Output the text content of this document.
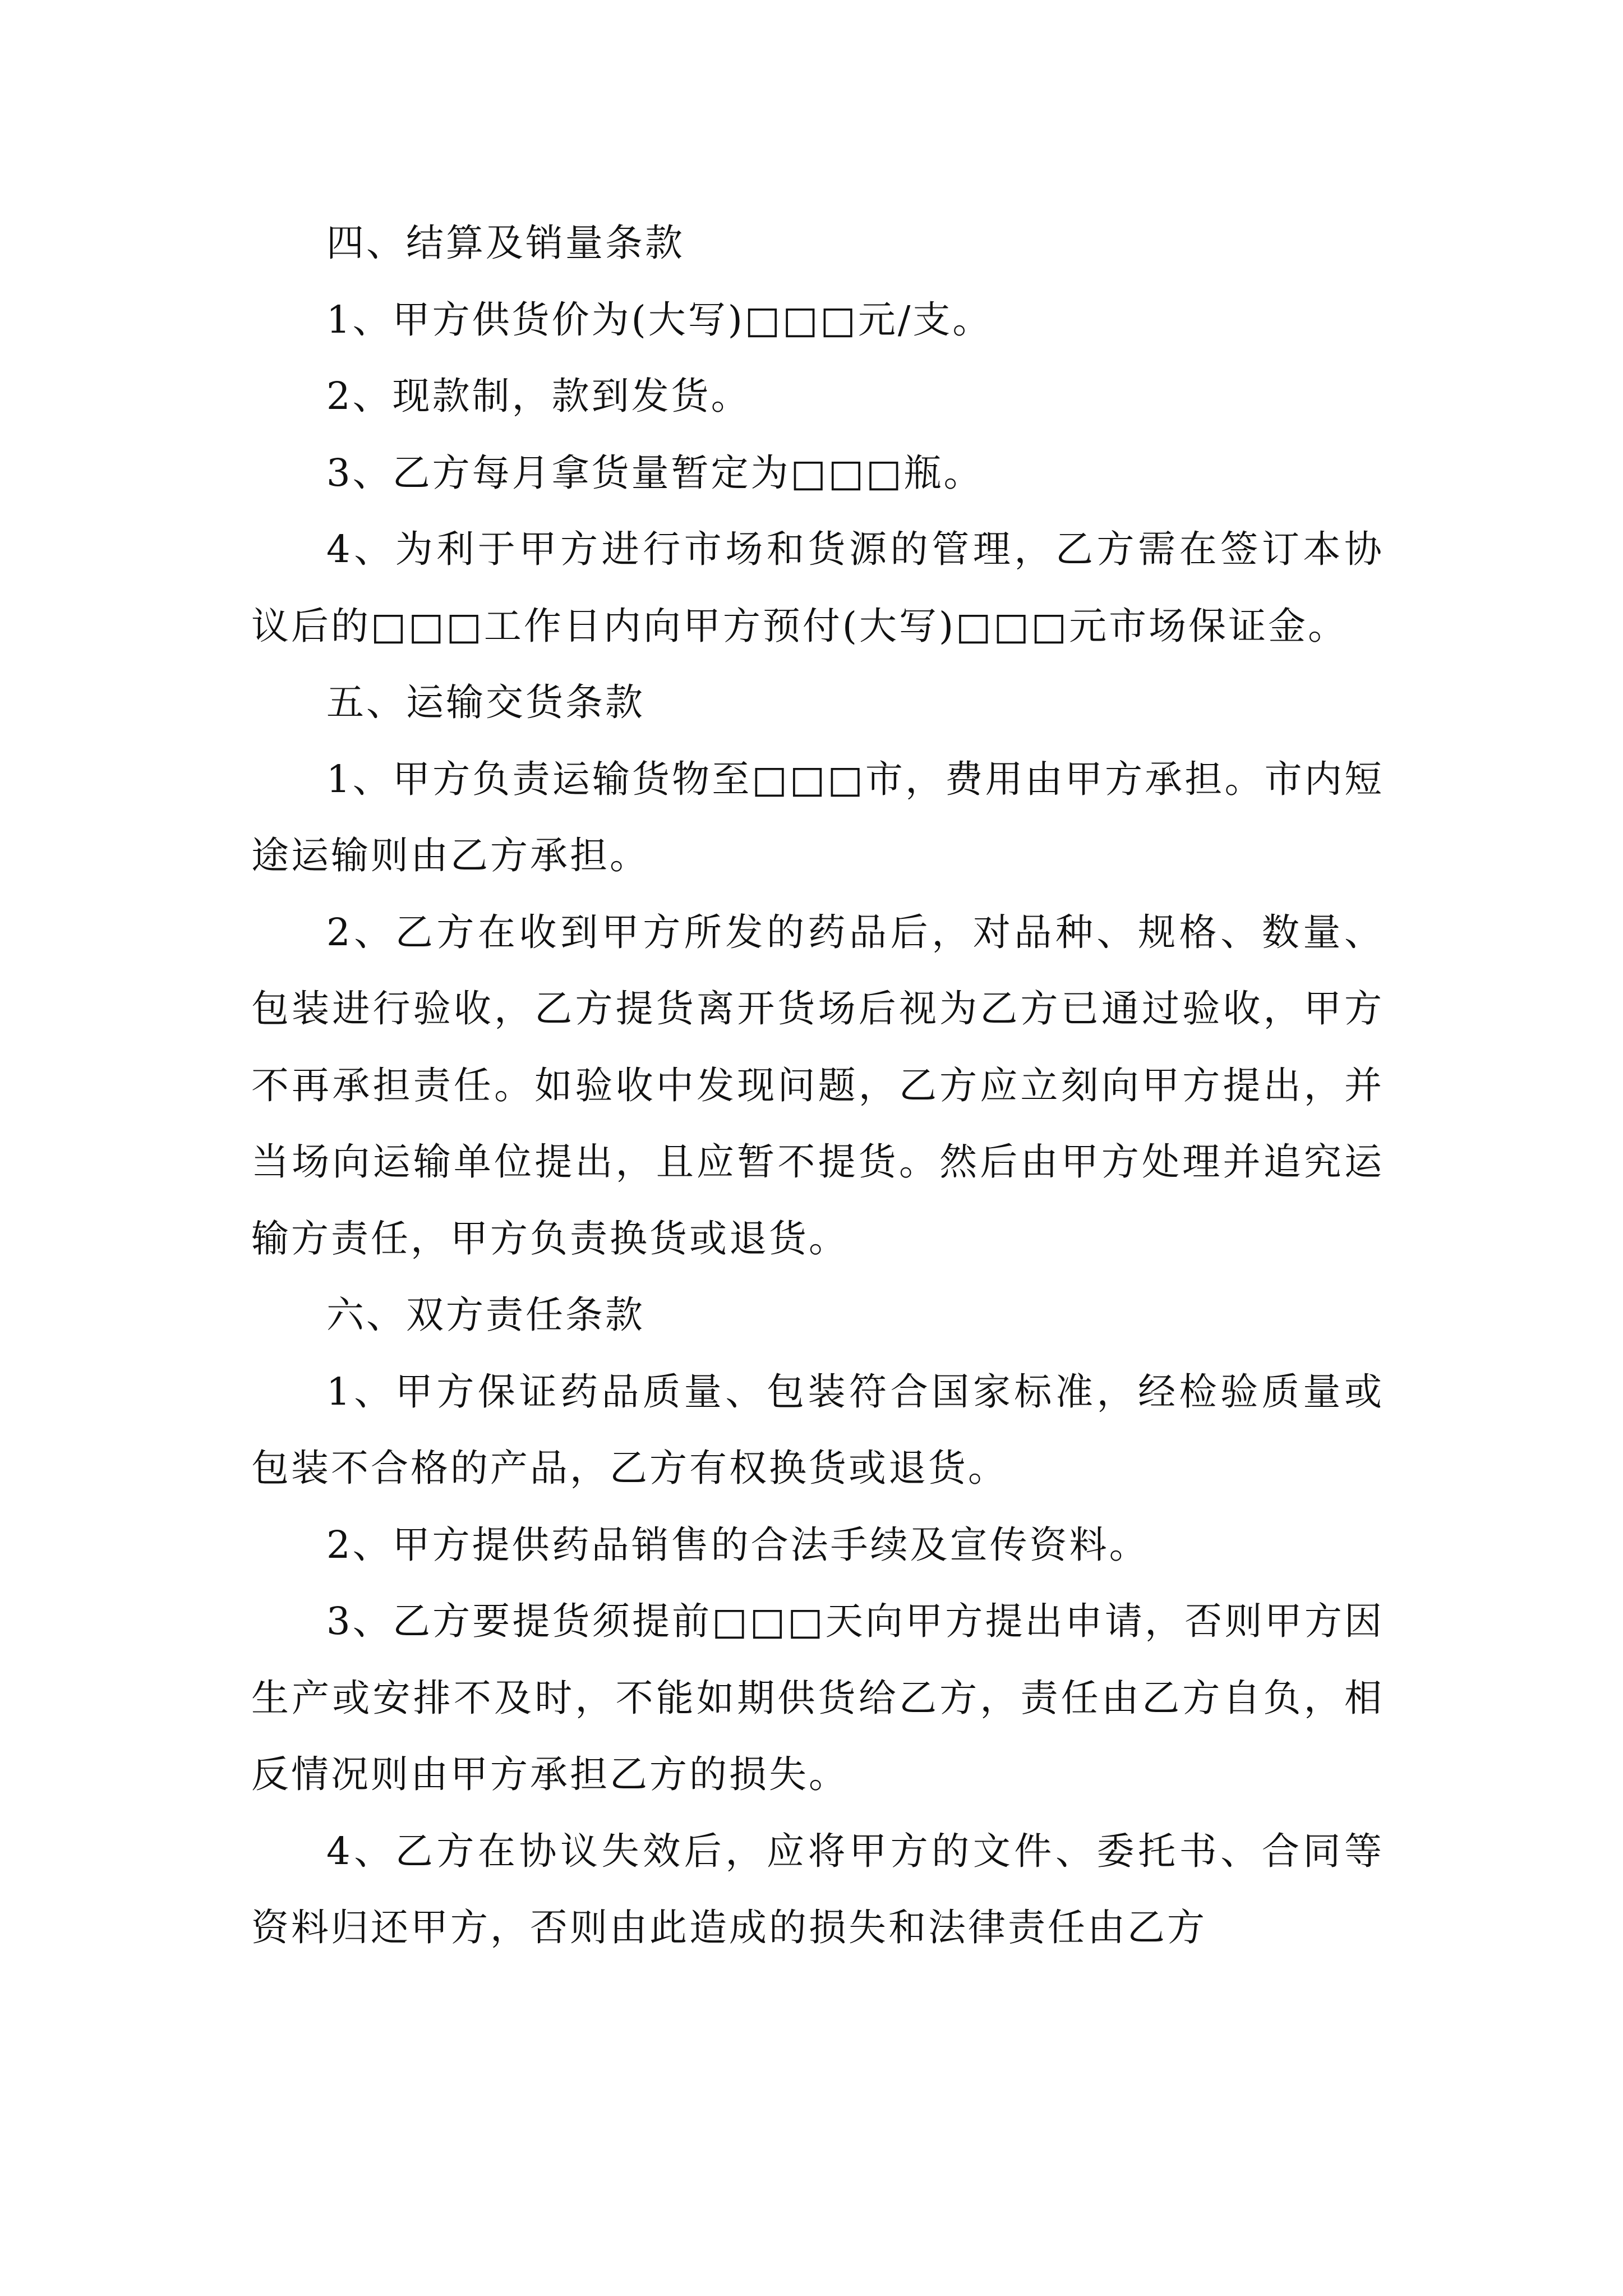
四、结算及销量条款

1、甲方供货价为(大写)□□□元/支。

2、现款制，款到发货。

3、乙方每月拿货量暂定为□□□瓶。

4、为利于甲方进行市场和货源的管理，乙方需在签订本协议后的□□□工作日内向甲方预付(大写)□□□元市场保证金。

五、运输交货条款

1、甲方负责运输货物至□□□市，费用由甲方承担。市内短途运输则由乙方承担。

2、乙方在收到甲方所发的药品后，对品种、规格、数量、包装进行验收，乙方提货离开货场后视为乙方已通过验收，甲方不再承担责任。如验收中发现问题，乙方应立刻向甲方提出，并当场向运输单位提出，且应暂不提货。然后由甲方处理并追究运输方责任，甲方负责换货或退货。

六、双方责任条款

1、甲方保证药品质量、包装符合国家标准，经检验质量或包装不合格的产品，乙方有权换货或退货。

2、甲方提供药品销售的合法手续及宣传资料。

3、乙方要提货须提前□□□天向甲方提出申请，否则甲方因生产或安排不及时，不能如期供货给乙方，责任由乙方自负，相反情况则由甲方承担乙方的损失。

4、乙方在协议失效后，应将甲方的文件、委托书、合同等资料归还甲方，否则由此造成的损失和法律责任由乙方
